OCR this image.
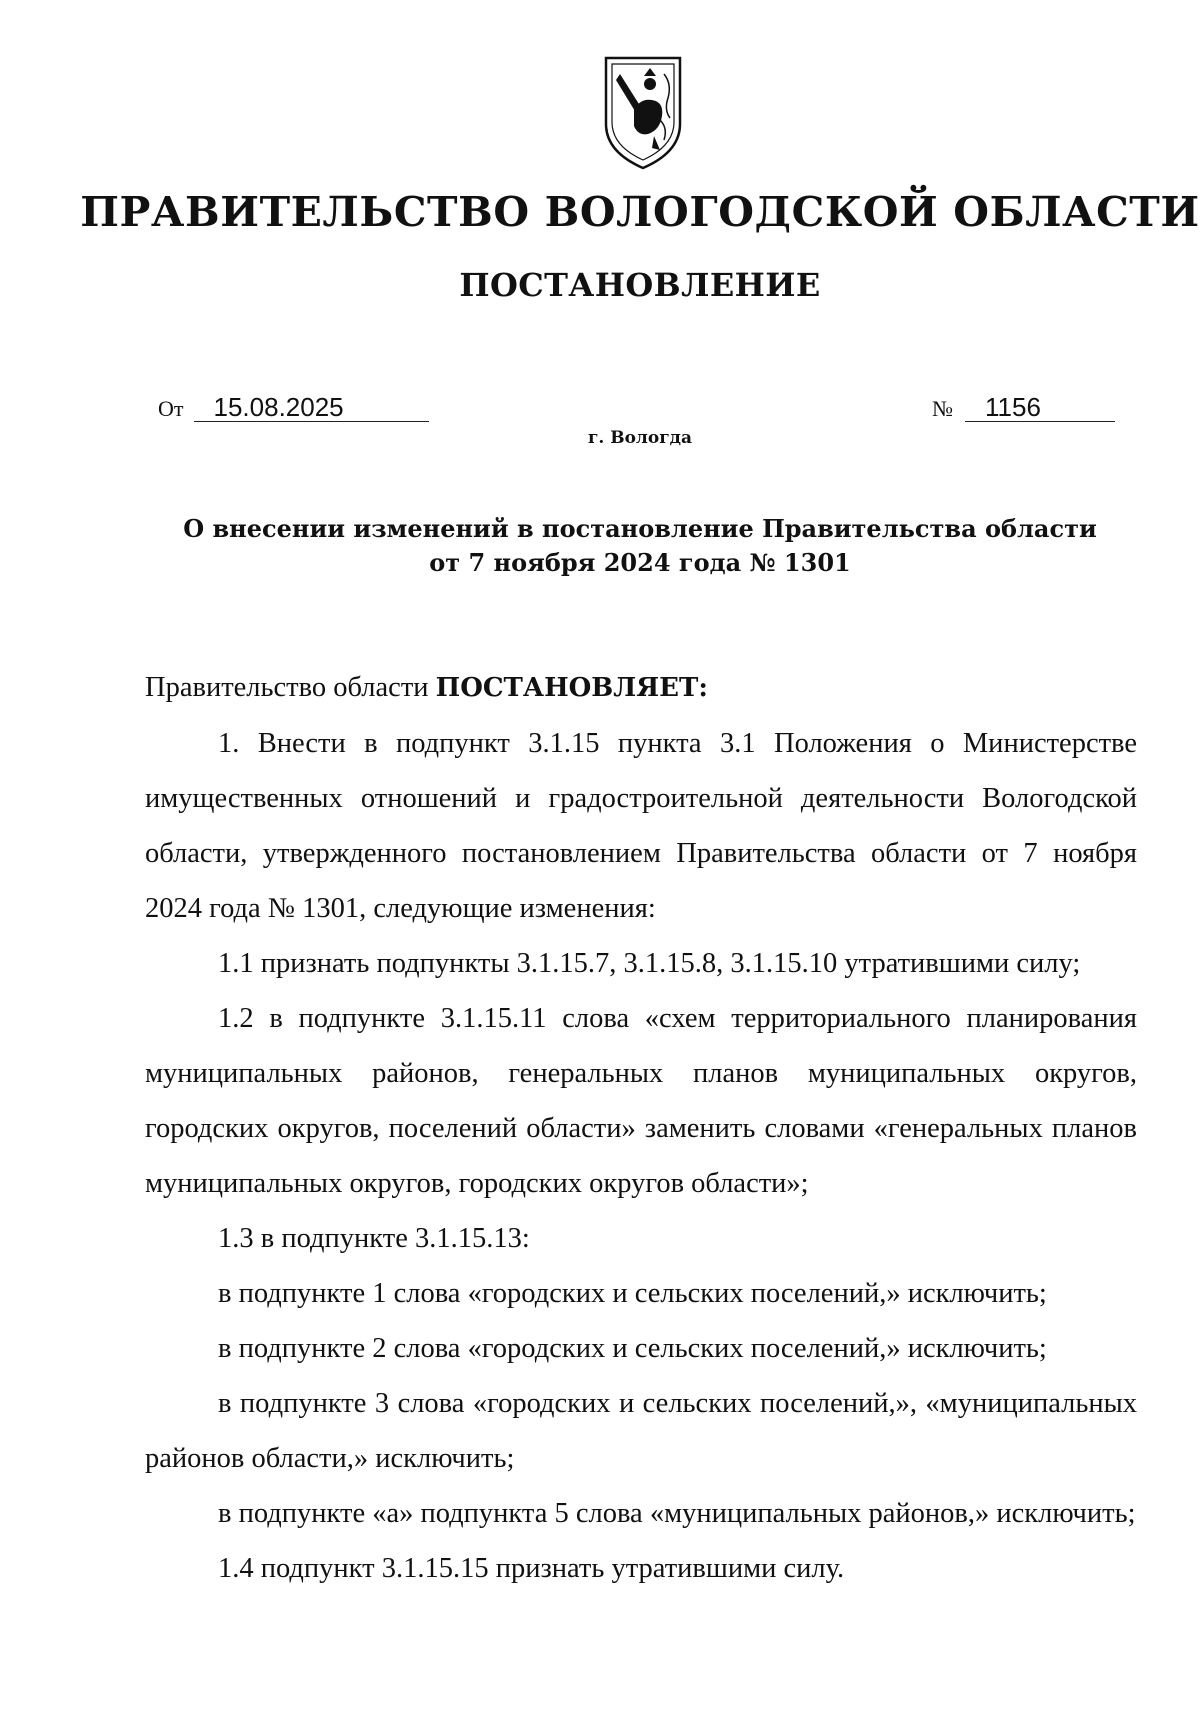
ПРАВИТЕЛЬСТВО ВОЛОГОДСКОЙ ОБЛАСТИ
ПОСТАНОВЛЕНИЕ
От	15.08.2025	№	1156
г. Вологда
О внесении изменений в постановление Правительства области
от 7 ноября 2024 года № 1301

Правительство области ПОСТАНОВЛЯЕТ:

1. Внести в подпункт 3.1.15 пункта 3.1 Положения о Министерстве имущественных отношений и градостроительной деятельности Вологодской области, утвержденного постановлением Правительства области от 7 ноября 2024 года № 1301, следующие изменения:

1.1 признать подпункты 3.1.15.7, 3.1.15.8, 3.1.15.10 утратившими силу;

1.2 в подпункте 3.1.15.11 слова «схем территориального планирования муниципальных районов, генеральных планов муниципальных округов, городских округов, поселений области» заменить словами «генеральных планов муниципальных округов, городских округов области»;

1.3 в подпункте 3.1.15.13:

в подпункте 1 слова «городских и сельских поселений,» исключить;

в подпункте 2 слова «городских и сельских поселений,» исключить;

в подпункте 3 слова «городских и сельских поселений,», «муниципальных районов области,» исключить;

в подпункте «а» подпункта 5 слова «муниципальных районов,» исключить;

1.4 подпункт 3.1.15.15 признать утратившими силу.
